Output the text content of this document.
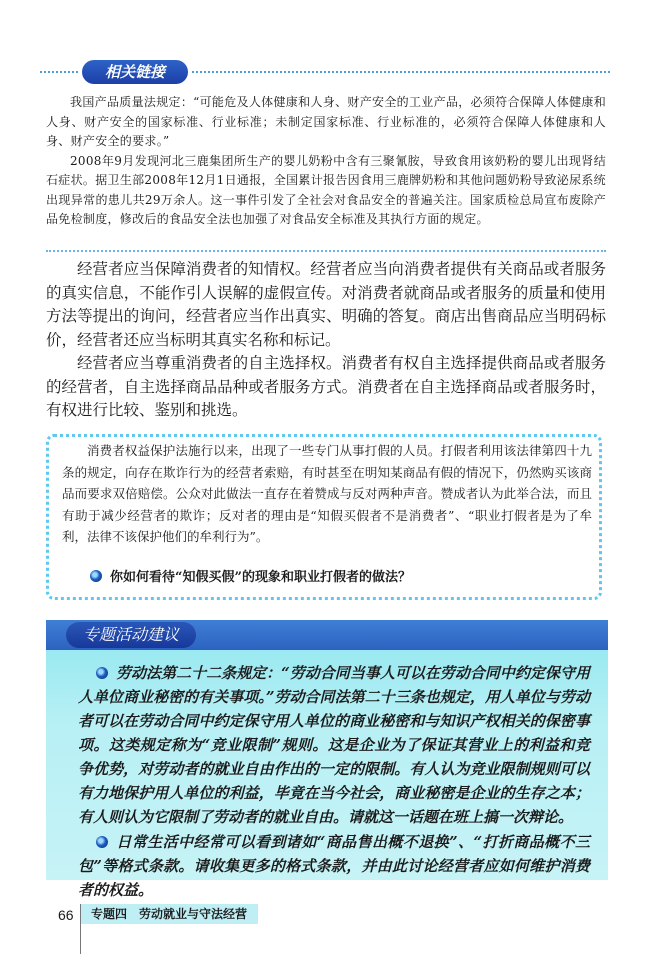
相关链接

我国产品质量法规定：“可能危及人体健康和人身、财产安全的工业产品，必须符合保障人体健康和人身、财产安全的国家标准、行业标准；未制定国家标准、行业标准的，必须符合保障人体健康和人身、财产安全的要求。”

2008年9月发现河北三鹿集团所生产的婴儿奶粉中含有三聚氰胺，导致食用该奶粉的婴儿出现肾结石症状。据卫生部2008年12月1日通报，全国累计报告因食用三鹿牌奶粉和其他问题奶粉导致泌尿系统出现异常的患儿共29万余人。这一事件引发了全社会对食品安全的普遍关注。国家质检总局宣布废除产品免检制度，修改后的食品安全法也加强了对食品安全标准及其执行方面的规定。

经营者应当保障消费者的知情权。经营者应当向消费者提供有关商品或者服务的真实信息，不能作引人误解的虚假宣传。对消费者就商品或者服务的质量和使用方法等提出的询问，经营者应当作出真实、明确的答复。商店出售商品应当明码标价，经营者还应当标明其真实名称和标记。

经营者应当尊重消费者的自主选择权。消费者有权自主选择提供商品或者服务的经营者，自主选择商品品种或者服务方式。消费者在自主选择商品或者服务时，有权进行比较、鉴别和挑选。

消费者权益保护法施行以来，出现了一些专门从事打假的人员。打假者利用该法律第四十九条的规定，向存在欺诈行为的经营者索赔，有时甚至在明知某商品有假的情况下，仍然购买该商品而要求双倍赔偿。公众对此做法一直存在着赞成与反对两种声音。赞成者认为此举合法，而且有助于减少经营者的欺诈；反对者的理由是“知假买假者不是消费者”、“职业打假者是为了牟利，法律不该保护他们的牟利行为”。

你如何看待“知假买假”的现象和职业打假者的做法？
专题活动建议

劳动法第二十二条规定：“劳动合同当事人可以在劳动合同中约定保守用人单位商业秘密的有关事项。”劳动合同法第二十三条也规定，用人单位与劳动者可以在劳动合同中约定保守用人单位的商业秘密和与知识产权相关的保密事项。这类规定称为“竞业限制”规则。这是企业为了保证其营业上的利益和竞争优势，对劳动者的就业自由作出的一定的限制。有人认为竞业限制规则可以有力地保护用人单位的利益，毕竟在当今社会，商业秘密是企业的生存之本；有人则认为它限制了劳动者的就业自由。请就这一话题在班上搞一次辩论。

日常生活中经常可以看到诸如“商品售出概不退换”、“打折商品概不三包”等格式条款。请收集更多的格式条款，并由此讨论经营者应如何维护消费者的权益。

66	专题四　劳动就业与守法经营
